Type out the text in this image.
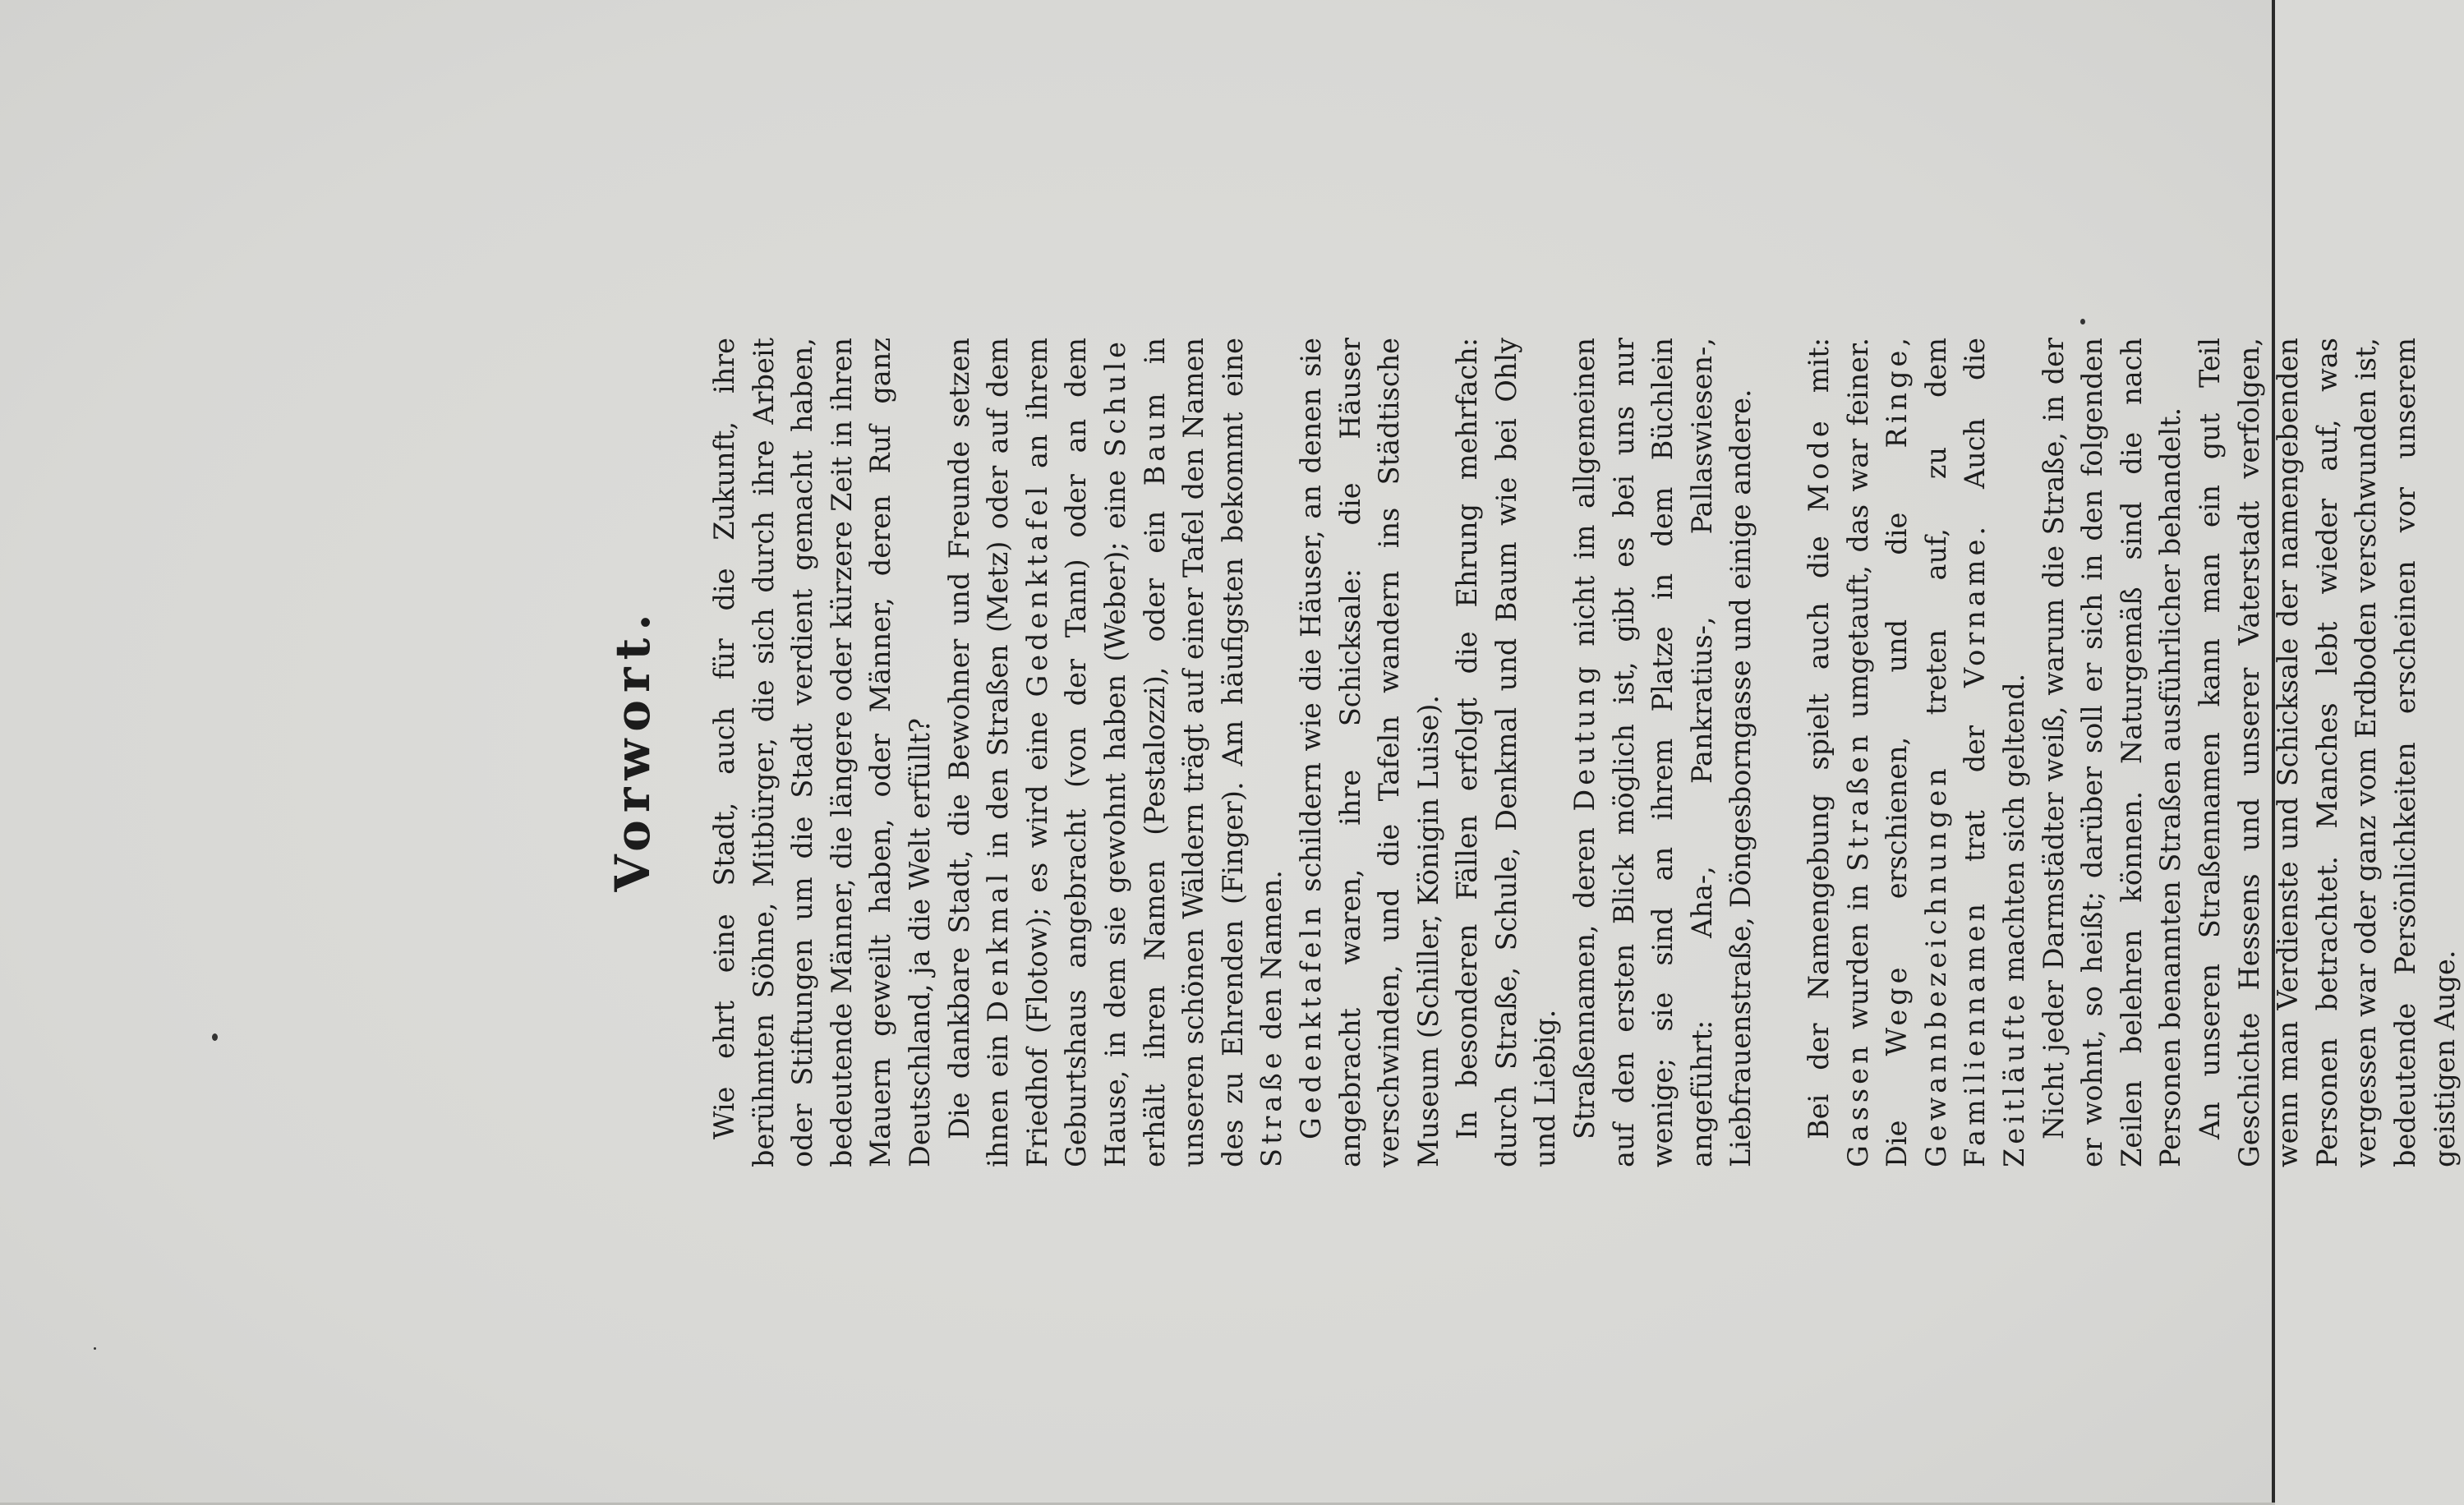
Vorwort. Wie ehrt eine Stadt, auch für die Zukunft, ihre berühmten Söhne, Mitbürger, die sich durch ihre Arbeit oder Stiftungen um die Stadt verdient gemacht haben, bedeutende Männer, die längere oder kürzere Zeit in ihren Mauern geweilt haben, oder Männer, deren Ruf ganz Deutschland, ja die Welt erfüllt? Die dankbare Stadt, die Bewohner und Freunde setzen ihnen ein Denkmal in den Straßen (Metz) oder auf dem Friedhof (Flotow); es wird eine Gedenktafel an ihrem Geburtshaus angebracht (von der Tann) oder an dem Hause, in dem sie gewohnt haben (Weber); eine Schule erhält ihren Namen (Pestalozzi), oder ein Baum in unseren schönen Wäldern trägt auf einer Tafel den Namen des zu Ehrenden (Finger). Am häufigsten bekommt eine Straße den Namen. Gedenktafeln schildern wie die Häuser, an denen sie angebracht waren, ihre Schicksale: die Häuser verschwinden, und die Tafeln wandern ins Städtische Museum (Schiller, Königin Luise). In besonderen Fällen erfolgt die Ehrung mehrfach: durch Straße, Schule, Denkmal und Baum wie bei Ohly und Liebig. Straßennamen, deren Deutung nicht im allgemeinen auf den ersten Blick möglich ist, gibt es bei uns nur wenige; sie sind an ihrem Platze in dem Büchlein angeführt: Aha-, Pankratius-, Pallaswiesen-, Liebfrauenstraße, Döngesborngasse und einige andere. Bei der Namengebung spielt auch die Mode mit: Gassen wurden in Straßen umgetauft, das war feiner. Die Wege erschienen, und die Ringe, Gewannbezeichnungen treten auf, zu dem Familiennamen trat der Vorname. Auch die Zeitläufte machten sich geltend. Nicht jeder Darmstädter weiß, warum die Straße, in der er wohnt, so heißt; darüber soll er sich in den folgenden Zeilen belehren können. Naturgemäß sind die nach Personen benannten Straßen ausführlicher behandelt. An unseren Straßennamen kann man ein gut Teil Geschichte Hessens und unserer Vaterstadt verfolgen, wenn man Verdienste und Schicksale der namengebenden Personen betrachtet. Manches lebt wieder auf, was vergessen war oder ganz vom Erdboden verschwunden ist, bedeutende Persönlichkeiten erscheinen vor unserem geistigen Auge.
